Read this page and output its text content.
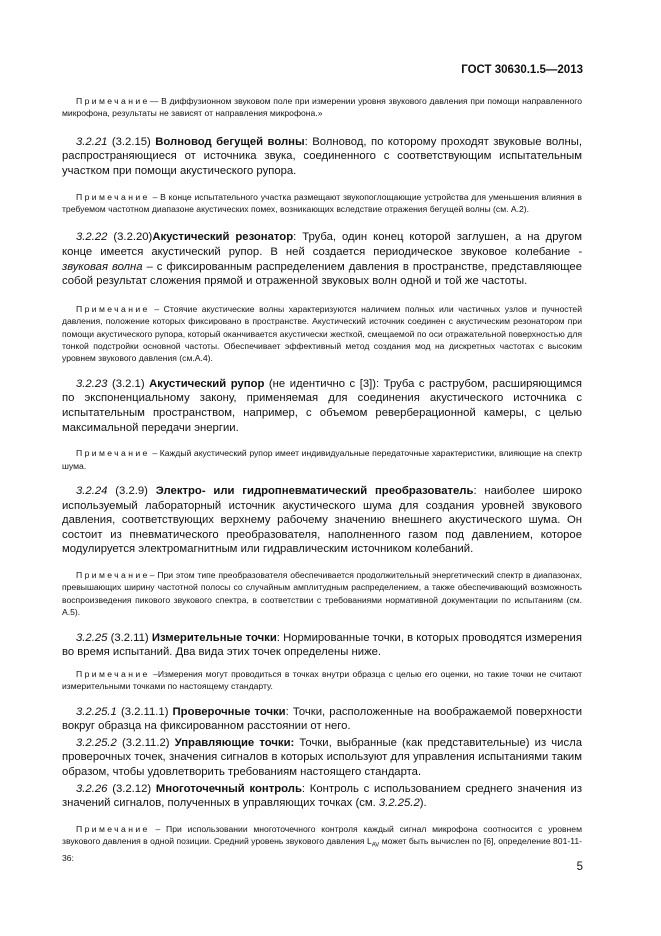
ГОСТ 30630.1.5—2013

Примечание— В диффузионном звуковом поле при измерении уровня звукового давления при помощи направленного микрофона, результаты не зависят от направления микрофона.»

3.2.21 (3.2.15) Волновод бегущей волны: Волновод, по которому проходят звуковые волны, распространяющиеся от источника звука, соединенного с соответствующим испытательным участком при помощи акустического рупора.

Примечание – В конце испытательного участка размещают звукопоглощающие устройства для уменьшения влияния в требуемом частотном диапазоне акустических помех, возникающих вследствие отражения бегущей волны (см. А.2).

3.2.22 (3.2.20)Акустический резонатор: Труба, один конец которой заглушен, а на другом конце имеется акустический рупор. В ней создается периодическое звуковое колебание - звуковая волна – с фиксированным распределением давления в пространстве, представляющее собой результат сложения прямой и отраженной звуковых волн одной и той же частоты.

Примечание – Стоячие акустические волны характеризуются наличием полных или частичных узлов и пучностей давления, положение которых фиксировано в пространстве. Акустический источник соединен с акустическим резонатором при помощи акустического рупора, который оканчивается акустически жесткой, смещаемой по оси отражательной поверхностью для тонкой подстройки основной частоты. Обеспечивает эффективный метод создания мод на дискретных частотах с высоким уровнем звукового давления (см.А.4).

3.2.23 (3.2.1) Акустический рупор (не идентично с [3]): Труба с раструбом, расширяющимся по экспоненциальному закону, применяемая для соединения акустического источника с испытательным пространством, например, с объемом реверберационной камеры, с целью максимальной передачи энергии.

Примечание – Каждый акустический рупор имеет индивидуальные передаточные характеристики, влияющие на спектр шума.

3.2.24 (3.2.9) Электро- или гидропневматический преобразователь: наиболее широко используемый лабораторный источник акустического шума для создания уровней звукового давления, соответствующих верхнему рабочему значению внешнего акустического шума. Он состоит из пневматического преобразователя, наполненного газом под давлением, которое модулируется электромагнитным или гидравлическим источником колебаний.

Примечание– При этом типе преобразователя обеспечивается продолжительный энергетический спектр в диапазонах, превышающих ширину частотной полосы со случайным амплитудным распределением, а также обеспечивающий возможность воспроизведения пикового звукового спектра, в соответствии с требованиями нормативной документации по испытаниям (см. А.5).

3.2.25 (3.2.11) Измерительные точки: Нормированные точки, в которых проводятся измерения во время испытаний. Два вида этих точек определены ниже.

Примечание –Измерения могут проводиться в точках внутри образца с целью его оценки, но такие точки не считают измерительными точками по настоящему стандарту.

3.2.25.1 (3.2.11.1) Проверочные точки: Точки, расположенные на воображаемой поверхности вокруг образца на фиксированном расстоянии от него.

3.2.25.2 (3.2.11.2) Управляющие точки: Точки, выбранные (как представительные) из числа проверочных точек, значения сигналов в которых используют для управления испытаниями таким образом, чтобы удовлетворить требованиям настоящего стандарта.

3.2.26 (3.2.12) Многоточечный контроль: Контроль с использованием среднего значения из значений сигналов, полученных в управляющих точках (см. 3.2.25.2).

Примечание – При использовании многоточечного контроля каждый сигнал микрофона соотносится с уровнем звукового давления в одной позиции. Средний уровень звукового давления $L_{AV}$ может быть вычислен по [6], определение 801-11-36:

5
